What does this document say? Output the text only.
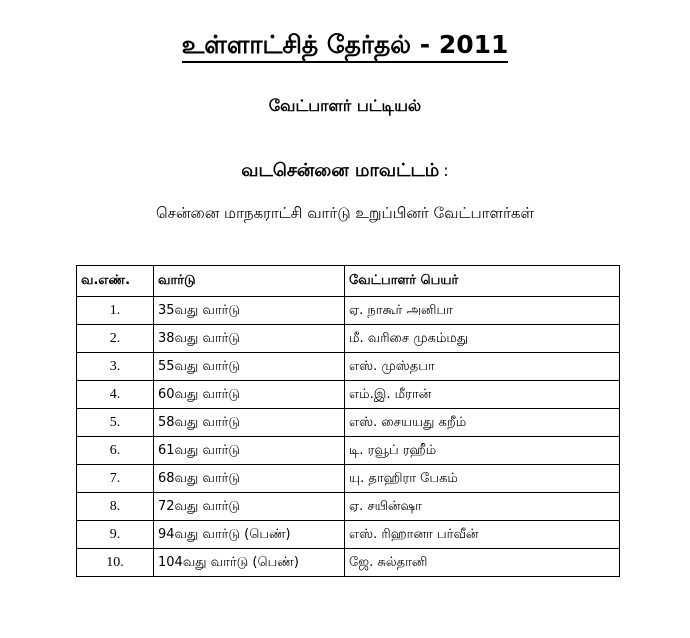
உள்ளாட்சித் தேர்தல் - 2011
வேட்பாளர் பட்டியல்
வடசென்னை மாவட்டம் :
சென்னை மாநகராட்சி வார்டு உறுப்பினர் வேட்பாளர்கள்
வ.எண்.	வார்டு	வேட்பாளர் பெயர்
1.	35வது வார்டு	ஏ. நாகூர் அனிபா
2.	38வது வார்டு	மீ. வரிசை முகம்மது
3.	55வது வார்டு	எஸ். முஸ்தபா
4.	60வது வார்டு	எம்.இ. மீரான்
5.	58வது வார்டு	எஸ். சையயது கறீம்
6.	61வது வார்டு	டி. ரவூப் ரஹீம்
7.	68வது வார்டு	யு. தாஹிரா பேகம்
8.	72வது வார்டு	ஏ. சயின்ஷா
9.	94வது வார்டு (பெண்)	எஸ். ரிஹானா பர்வீன்
10.	104வது வார்டு (பெண்)	ஜே. சுல்தானி
